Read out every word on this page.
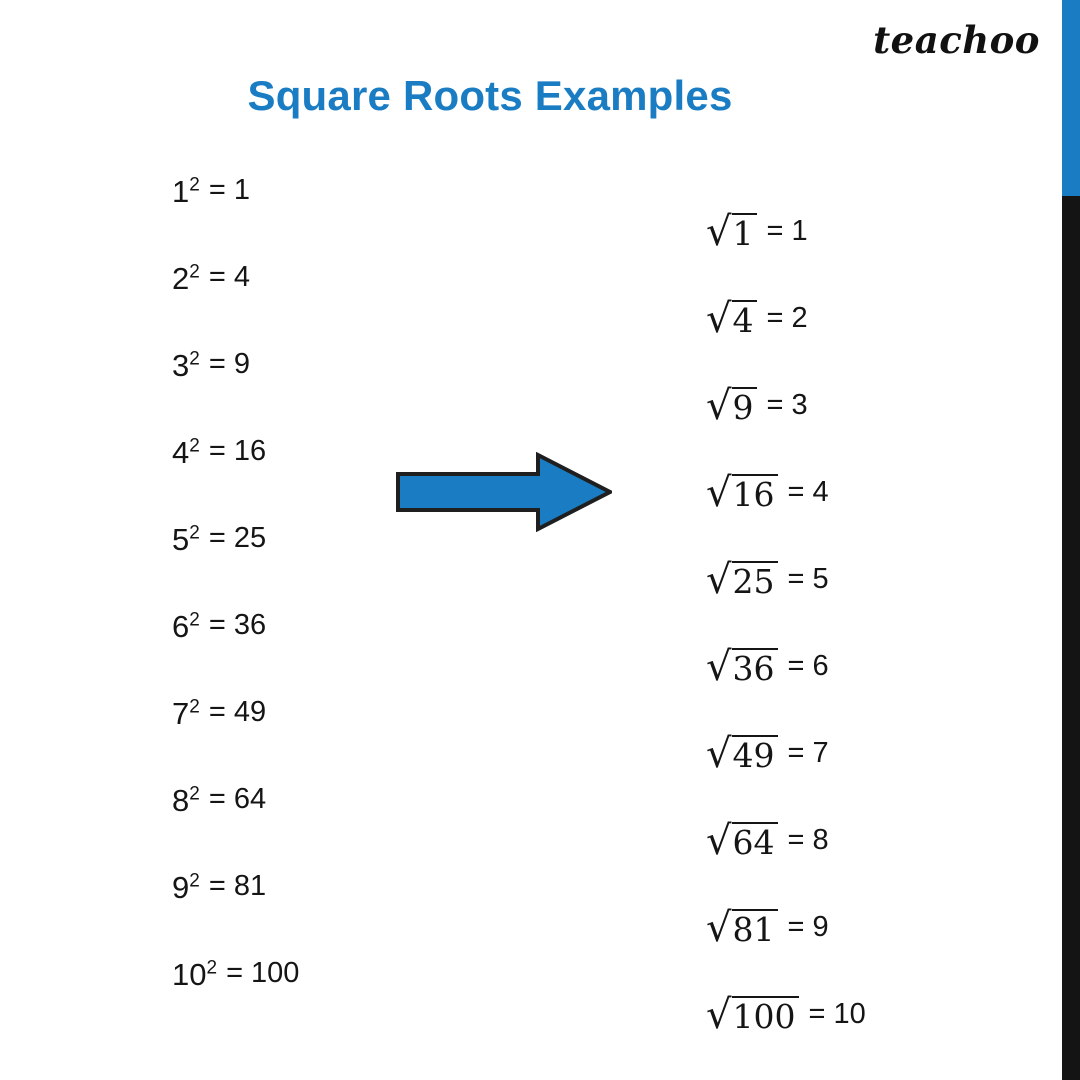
teachoo
Square Roots Examples
$1^2 = 1$
$2^2 = 4$
$3^2 = 9$
$4^2 = 16$
$5^2 = 25$
$6^2 = 36$
$7^2 = 49$
$8^2 = 64$
$9^2 = 81$
$10^2 = 100$
√ 1 = 1
√ 4 = 2
√ 9 = 3
√ 16 = 4
√ 25 = 5
√ 36 = 6
√ 49 = 7
√ 64 = 8
√ 81 = 9
√ 100 = 10
